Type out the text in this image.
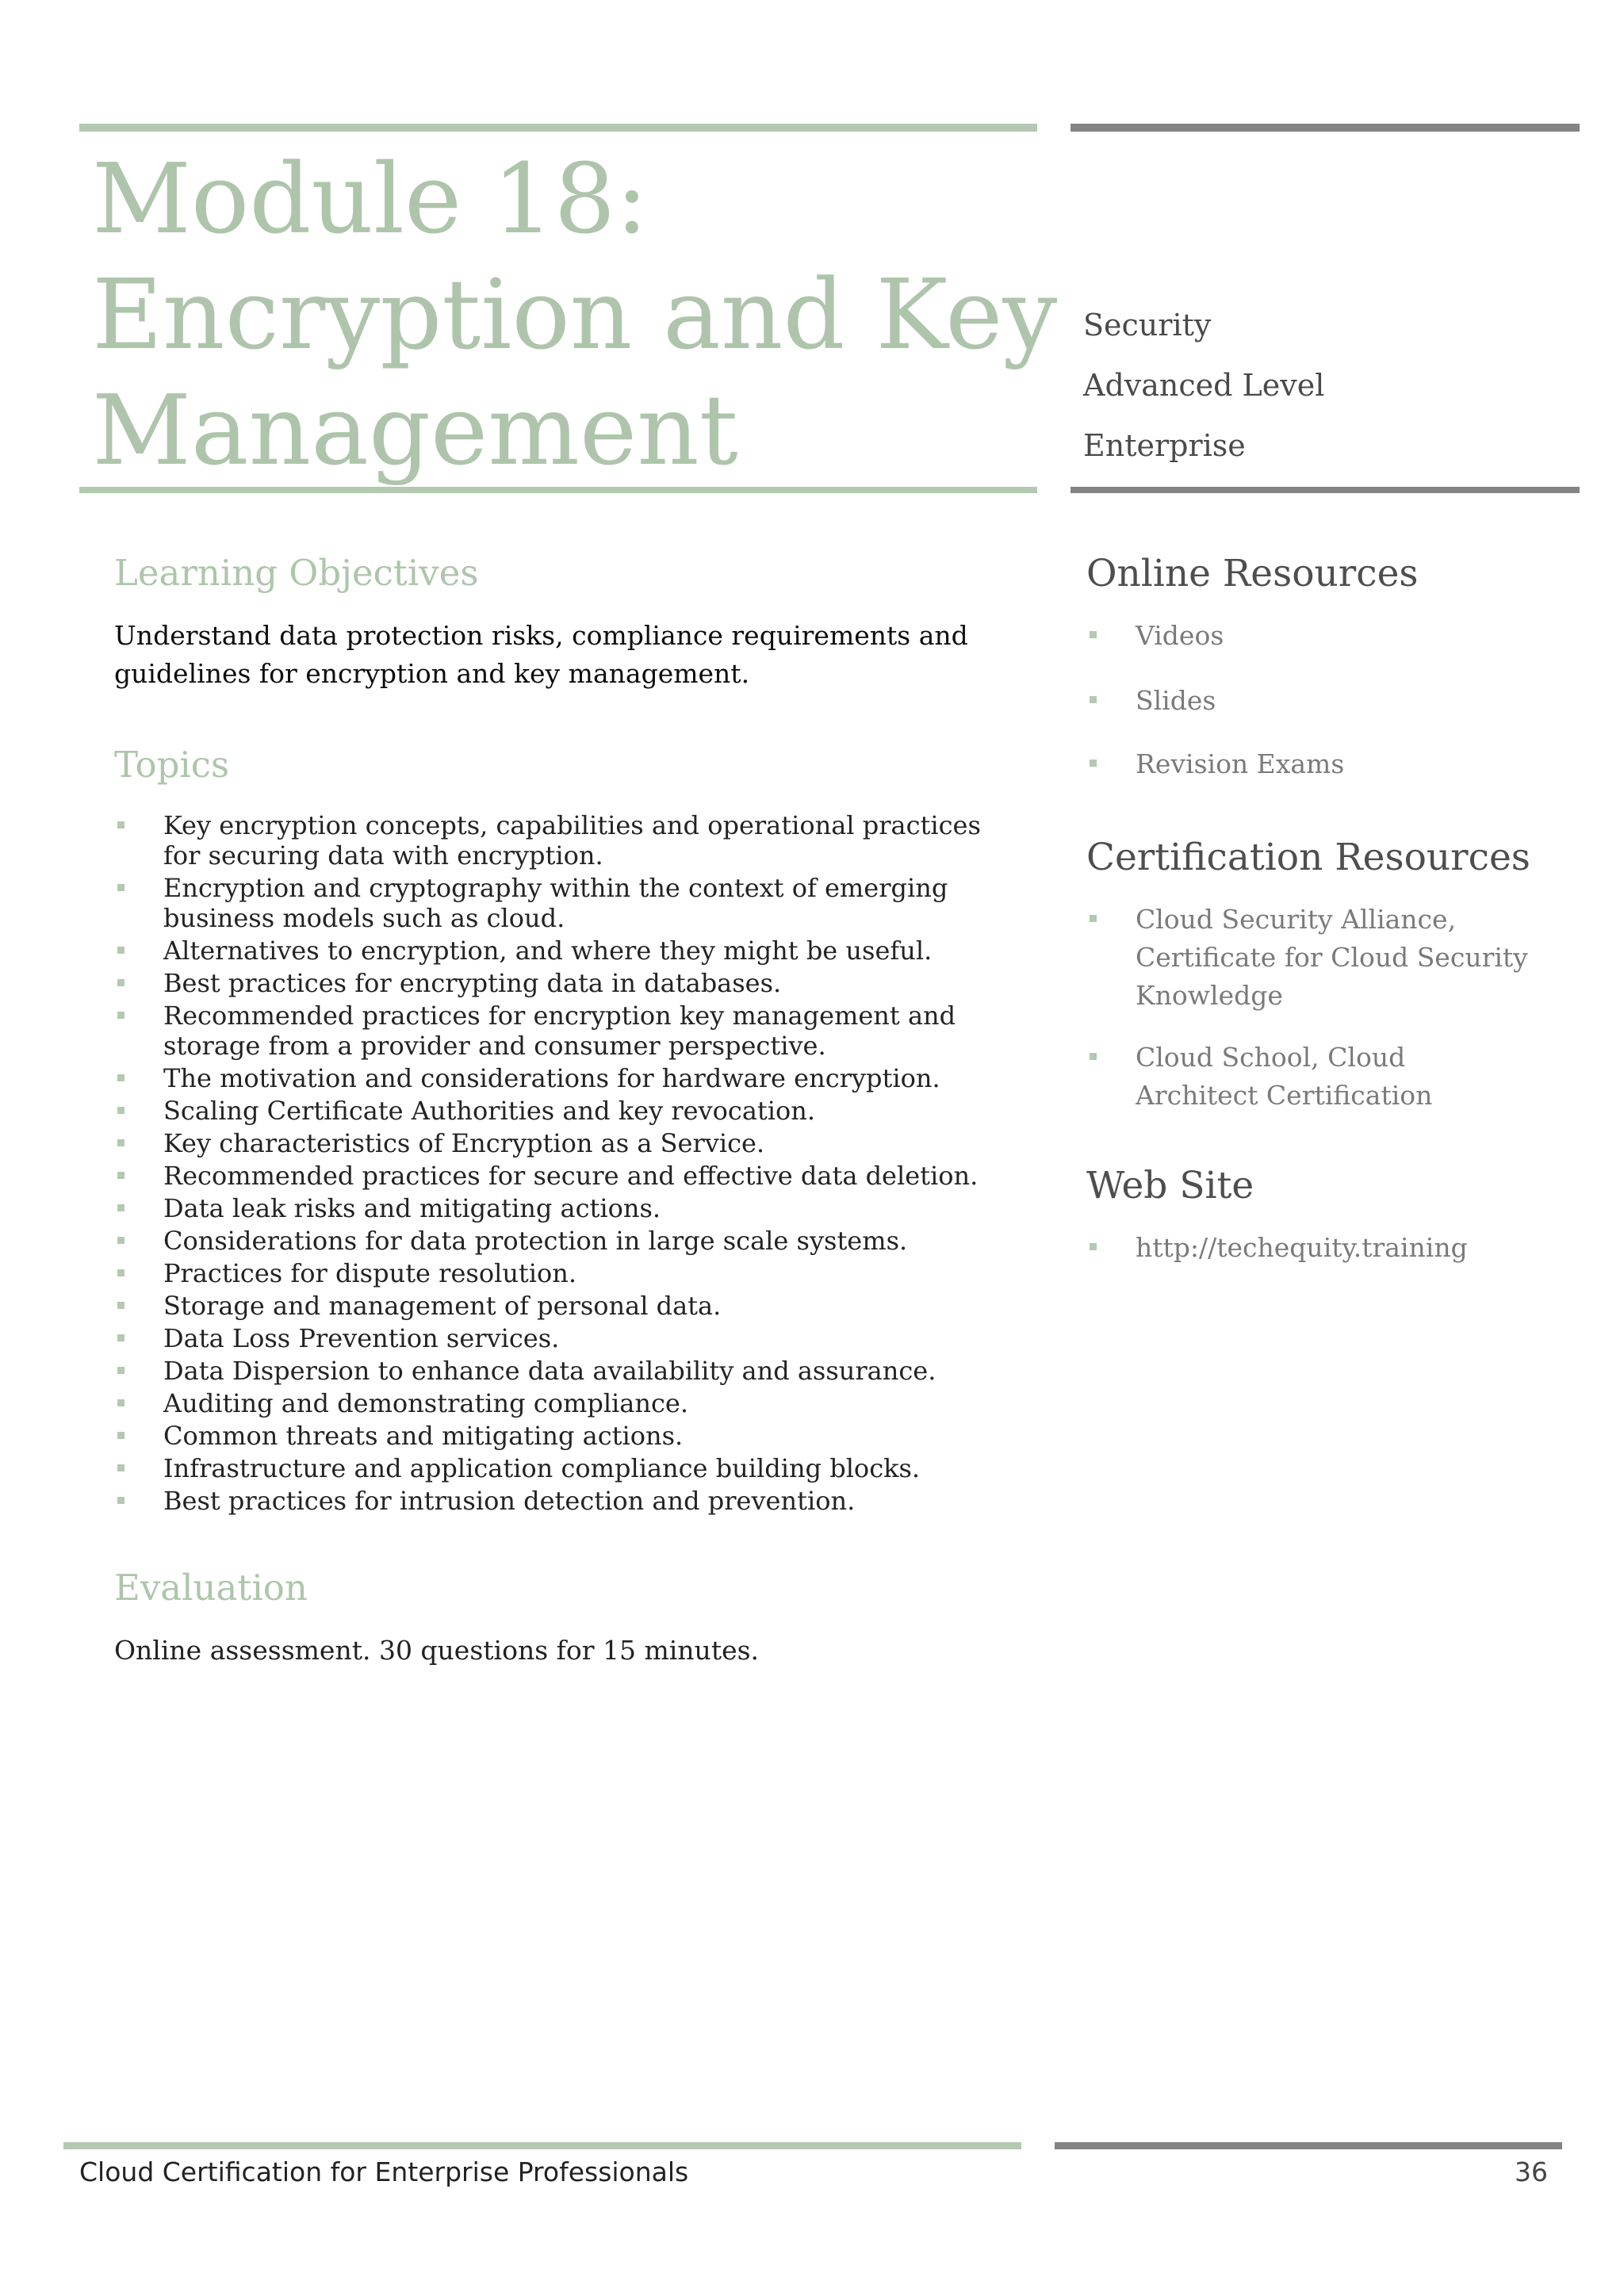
Module 18:
Encryption and Key
Management
Security
Advanced Level
Enterprise
Learning Objectives
Understand data protection risks, compliance requirements and
guidelines for encryption and key management.
Topics
Key encryption concepts, capabilities and operational practices
for securing data with encryption.
Encryption and cryptography within the context of emerging
business models such as cloud.
Alternatives to encryption, and where they might be useful.
Best practices for encrypting data in databases.
Recommended practices for encryption key management and
storage from a provider and consumer perspective.
The motivation and considerations for hardware encryption.
Scaling Certificate Authorities and key revocation.
Key characteristics of Encryption as a Service.
Recommended practices for secure and effective data deletion.
Data leak risks and mitigating actions.
Considerations for data protection in large scale systems.
Practices for dispute resolution.
Storage and management of personal data.
Data Loss Prevention services.
Data Dispersion to enhance data availability and assurance.
Auditing and demonstrating compliance.
Common threats and mitigating actions.
Infrastructure and application compliance building blocks.
Best practices for intrusion detection and prevention.
Evaluation
Online assessment. 30 questions for 15 minutes.
Online Resources
Videos
Slides
Revision Exams
Certification Resources
Cloud Security Alliance,
Certificate for Cloud Security
Knowledge
Cloud School, Cloud
Architect Certification
Web Site
http://techequity.training
Cloud Certification for Enterprise Professionals	36
